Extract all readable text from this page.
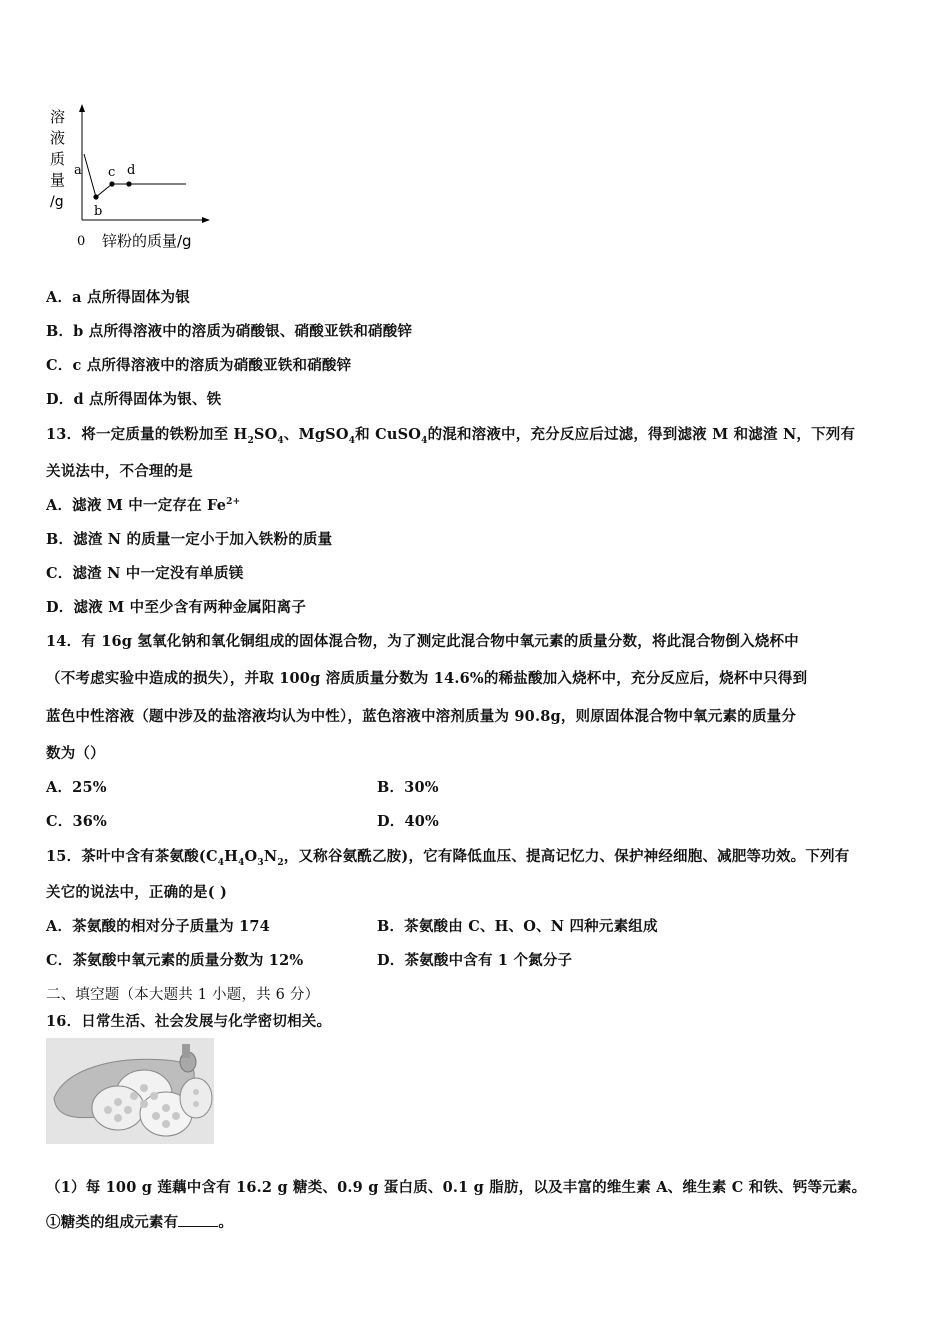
溶
液
质
量
/g
a
b
c d
0 锌粉的质量/g
A．a 点所得固体为银
B．b 点所得溶液中的溶质为硝酸银、硝酸亚铁和硝酸锌
C．c 点所得溶液中的溶质为硝酸亚铁和硝酸锌
D．d 点所得固体为银、铁
13．将一定质量的铁粉加至 $H_2SO_4$、MgSO$_4$和 CuSO$_4$的混和溶液中，充分反应后过滤，得到滤液 M 和滤渣 N，下列有
关说法中，不合理的是
A．滤液 M 中一定存在 $Fe^{2+}$
B．滤渣 N 的质量一定小于加入铁粉的质量
C．滤渣 N 中一定没有单质镁
D．滤液 M 中至少含有两种金属阳离子
14．有 16g 氢氧化钠和氧化铜组成的固体混合物，为了测定此混合物中氧元素的质量分数，将此混合物倒入烧杯中
（不考虑实验中造成的损失），并取 100g 溶质质量分数为 14.6%的稀盐酸加入烧杯中，充分反应后，烧杯中只得到
蓝色中性溶液（题中涉及的盐溶液均认为中性），蓝色溶液中溶剂质量为 90.8g，则原固体混合物中氧元素的质量分
数为（）
A．25%	B．30%
C．36%	D．40%
15．茶叶中含有茶氨酸($C_4H_4O_3N_2$，又称谷氨酰乙胺)，它有降低血压、提高记忆力、保护神经细胞、减肥等功效。下列有
关它的说法中，正确的是( )
A．茶氨酸的相对分子质量为 174	B．茶氨酸由 C、H、O、N 四种元素组成
C．茶氨酸中氧元素的质量分数为 12%	D．茶氨酸中含有 1 个氮分子
二、填空题（本大题共 1 小题，共 6 分）
16．日常生活、社会发展与化学密切相关。
（1）每 100 g 莲藕中含有 16.2 g 糖类、0.9 g 蛋白质、0.1 g 脂肪，以及丰富的维生素 A、维生素 C 和铁、钙等元素。
①糖类的组成元素有	。
